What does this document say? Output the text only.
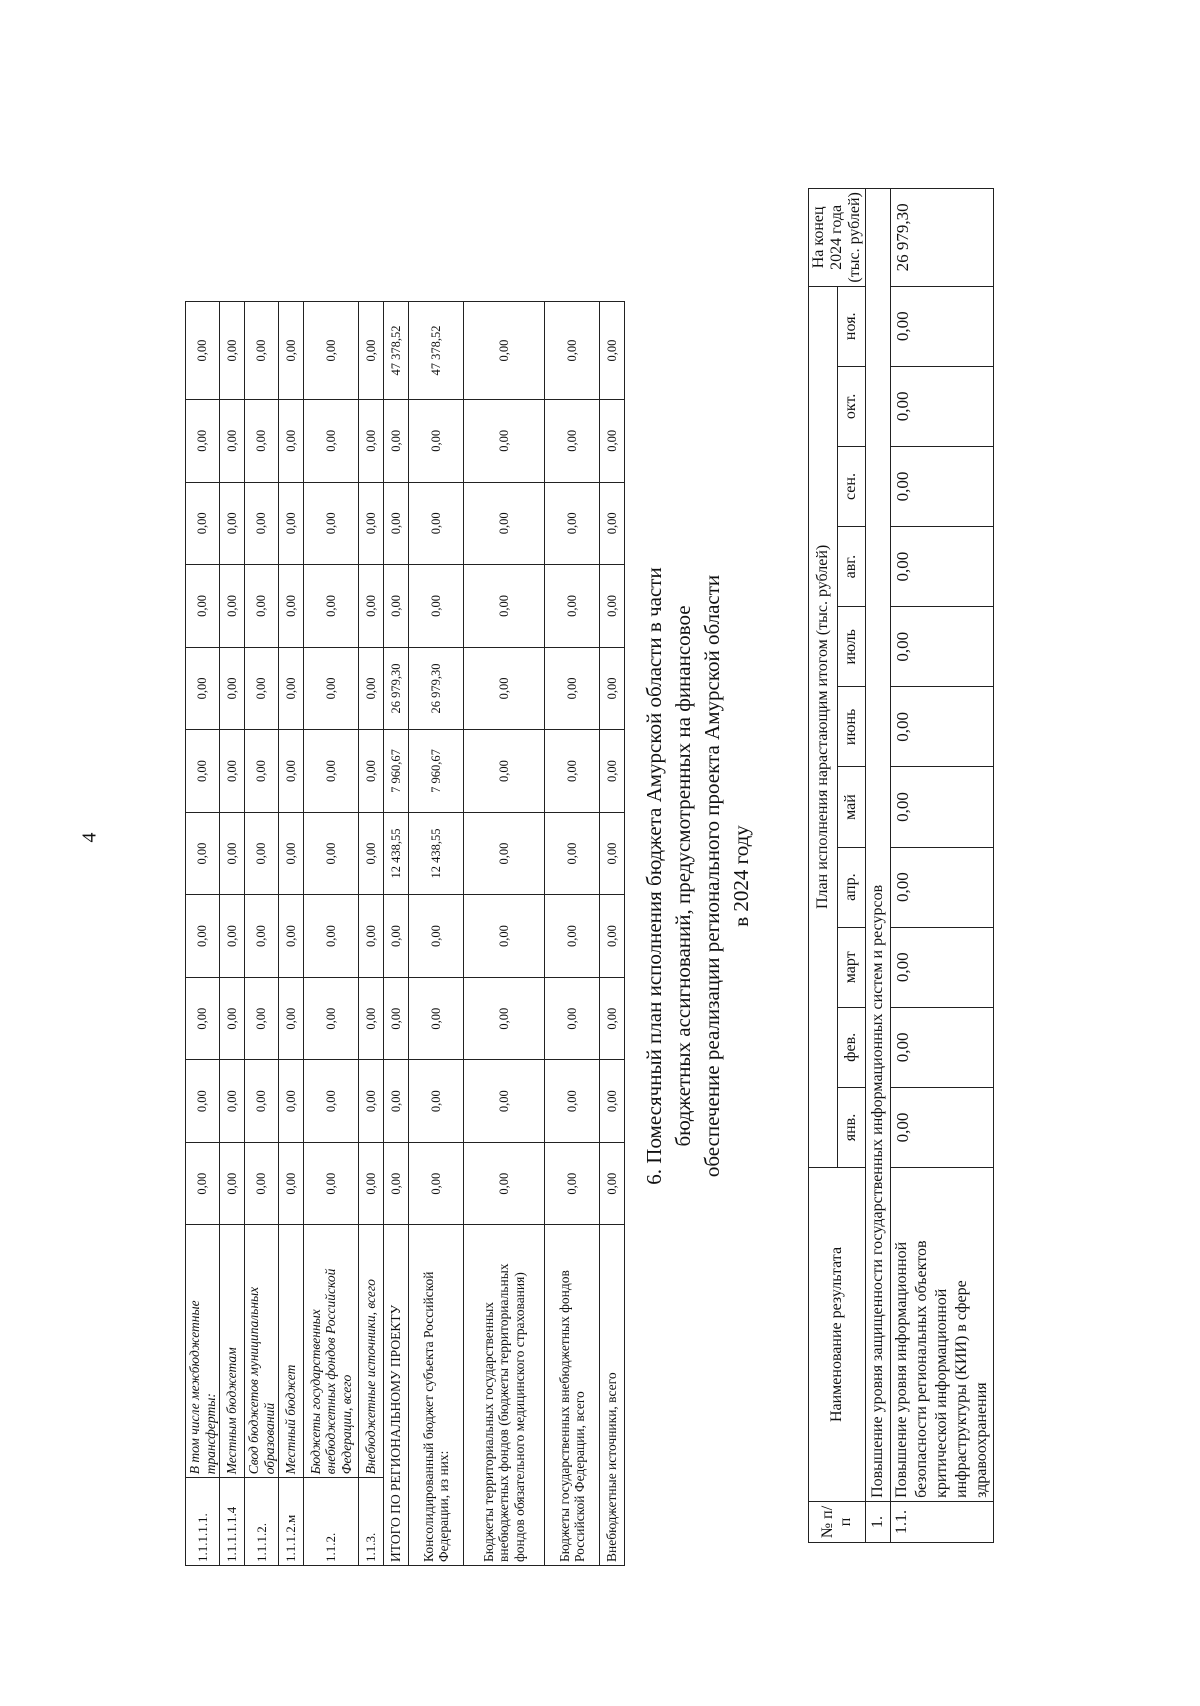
4
1.1.1.1.1.	В том числе межбюджетные трансферты:	0,00	0,00	0,00	0,00	0,00	0,00	0,00	0,00	0,00	0,00	0,00
1.1.1.1.1.4	Местным бюджетам	0,00	0,00	0,00	0,00	0,00	0,00	0,00	0,00	0,00	0,00	0,00
1.1.1.2.	Свод бюджетов муниципальных образований	0,00	0,00	0,00	0,00	0,00	0,00	0,00	0,00	0,00	0,00	0,00
1.1.1.2.м	Местный бюджет	0,00	0,00	0,00	0,00	0,00	0,00	0,00	0,00	0,00	0,00	0,00
1.1.2.	Бюджеты государственных внебюджетных фондов Российской Федерации, всего	0,00	0,00	0,00	0,00	0,00	0,00	0,00	0,00	0,00	0,00	0,00
1.1.3.	Внебюджетные источники, всего	0,00	0,00	0,00	0,00	0,00	0,00	0,00	0,00	0,00	0,00	0,00
ИТОГО ПО РЕГИОНАЛЬНОМУ ПРОЕКТУ		0,00	0,00	0,00	0,00	12 438,55	7 960,67	26 979,30	0,00	0,00	0,00	47 378,52
Консолидированный бюджет субъекта Российской Федерации, из них:		0,00	0,00	0,00	0,00	12 438,55	7 960,67	26 979,30	0,00	0,00	0,00	47 378,52
Бюджеты территориальных государственных внебюджетных фондов (бюджеты территориальных фондов обязательного медицинского страхования)		0,00	0,00	0,00	0,00	0,00	0,00	0,00	0,00	0,00	0,00	0,00
Бюджеты государственных внебюджетных фондов Российской Федерации, всего		0,00	0,00	0,00	0,00	0,00	0,00	0,00	0,00	0,00	0,00	0,00
Внебюджетные источники, всего		0,00	0,00	0,00	0,00	0,00	0,00	0,00	0,00	0,00	0,00	0,00
6. Помесячный план исполнения бюджета Амурской области в части бюджетных ассигнований, предусмотренных на финансовое обеспечение реализации регионального проекта Амурской области в 2024 году
№ п/п	Наименование результата	План исполнения нарастающим итогом (тыс. рублей)											На конец 2024 года (тыс. рублей)
		янв.	фев.	март	апр.	май	июнь	июль	авг.	сен.	окт.	ноя.	
1.	Повышение уровня защищенности государственных информационных систем и ресурсов												
1.1.	Повышение уровня информационной безопасности региональных объектов критической информационной инфраструктуры (КИИ) в сфере здравоохранения	0,00	0,00	0,00	0,00	0,00	0,00	0,00	0,00	0,00	0,00	0,00	26 979,30
